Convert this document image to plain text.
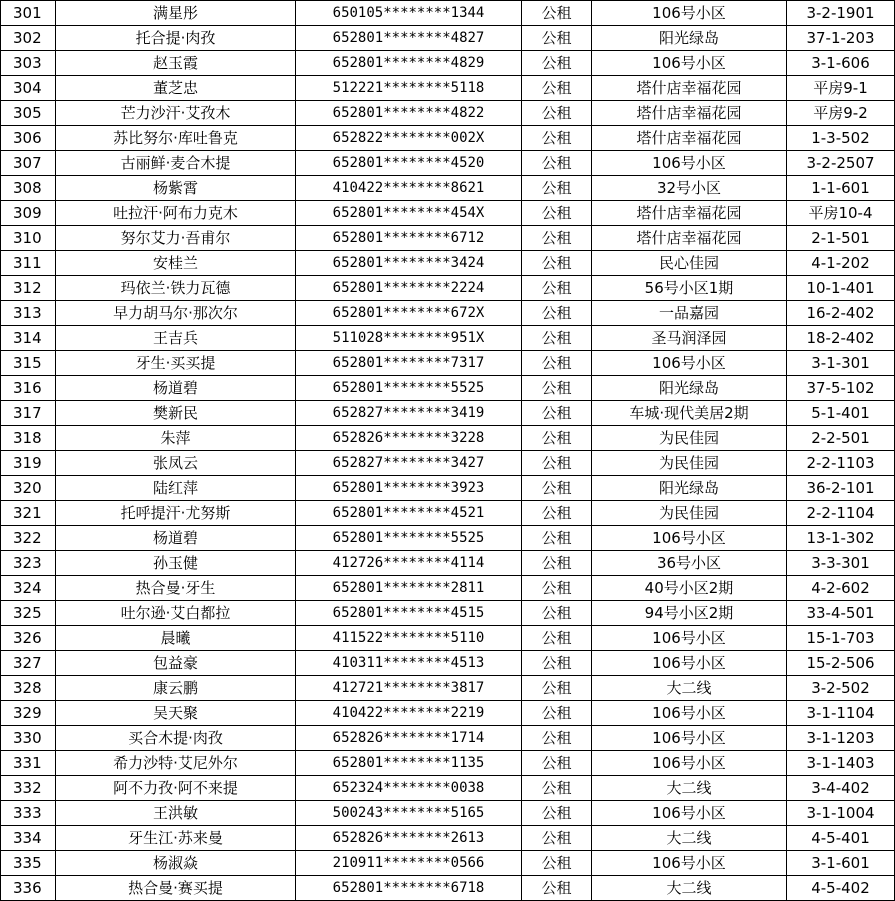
301	满星彤	650105********1344	公租	106号小区	3-2-1901
302	托合提·肉孜	652801********4827	公租	阳光绿岛	37-1-203
303	赵玉霞	652801********4829	公租	106号小区	3-1-606
304	董芝忠	512221********5118	公租	塔什店幸福花园	平房9-1
305	芒力沙汗·艾孜木	652801********4822	公租	塔什店幸福花园	平房9-2
306	苏比努尔·库吐鲁克	652822********002X	公租	塔什店幸福花园	1-3-502
307	古丽鲜·麦合木提	652801********4520	公租	106号小区	3-2-2507
308	杨紫霄	410422********8621	公租	32号小区	1-1-601
309	吐拉汗·阿布力克木	652801********454X	公租	塔什店幸福花园	平房10-4
310	努尔艾力·吾甫尔	652801********6712	公租	塔什店幸福花园	2-1-501
311	安桂兰	652801********3424	公租	民心佳园	4-1-202
312	玛依兰·铁力瓦德	652801********2224	公租	56号小区1期	10-1-401
313	早力胡马尔·那次尔	652801********672X	公租	一品嘉园	16-2-402
314	王吉兵	511028********951X	公租	圣马润泽园	18-2-402
315	牙生·买买提	652801********7317	公租	106号小区	3-1-301
316	杨道碧	652801********5525	公租	阳光绿岛	37-5-102
317	樊新民	652827********3419	公租	车城·现代美居2期	5-1-401
318	朱萍	652826********3228	公租	为民佳园	2-2-501
319	张凤云	652827********3427	公租	为民佳园	2-2-1103
320	陆红萍	652801********3923	公租	阳光绿岛	36-2-101
321	托呼提汗·尤努斯	652801********4521	公租	为民佳园	2-2-1104
322	杨道碧	652801********5525	公租	106号小区	13-1-302
323	孙玉健	412726********4114	公租	36号小区	3-3-301
324	热合曼·牙生	652801********2811	公租	40号小区2期	4-2-602
325	吐尔逊·艾白都拉	652801********4515	公租	94号小区2期	33-4-501
326	晨曦	411522********5110	公租	106号小区	15-1-703
327	包益豪	410311********4513	公租	106号小区	15-2-506
328	康云鹏	412721********3817	公租	大二线	3-2-502
329	吴天聚	410422********2219	公租	106号小区	3-1-1104
330	买合木提·肉孜	652826********1714	公租	106号小区	3-1-1203
331	希力沙特·艾尼外尔	652801********1135	公租	106号小区	3-1-1403
332	阿不力孜·阿不来提	652324********0038	公租	大二线	3-4-402
333	王洪敏	500243********5165	公租	106号小区	3-1-1004
334	牙生江·苏来曼	652826********2613	公租	大二线	4-5-401
335	杨淑焱	210911********0566	公租	106号小区	3-1-601
336	热合曼·赛买提	652801********6718	公租	大二线	4-5-402
